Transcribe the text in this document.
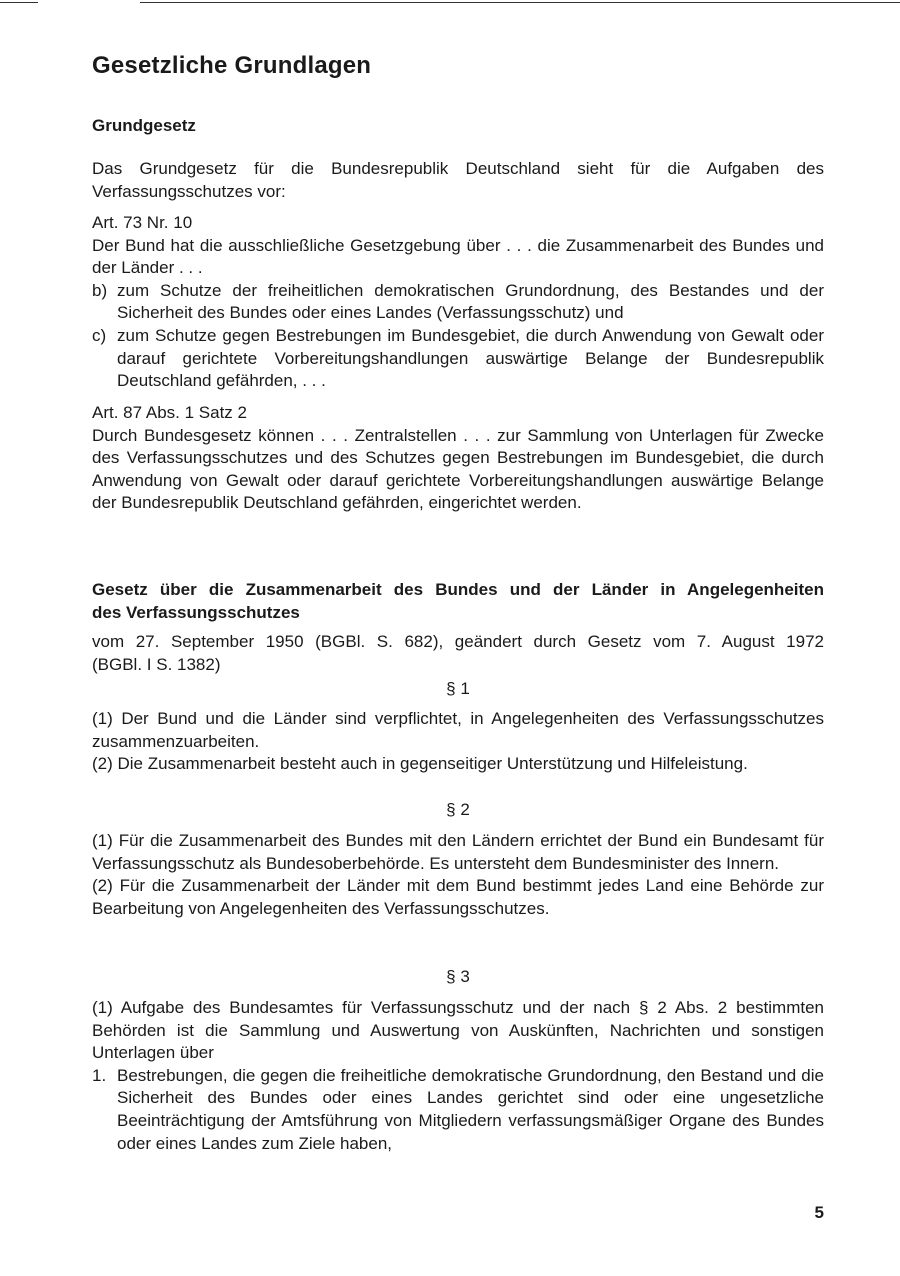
Gesetzliche Grundlagen
Grundgesetz
Das Grundgesetz für die Bundesrepublik Deutschland sieht für die Aufgaben des Verfassungsschutzes vor:
Art. 73 Nr. 10
Der Bund hat die ausschließliche Gesetzgebung über . . . die Zusammenarbeit des Bundes und der Länder . . .
b) zum Schutze der freiheitlichen demokratischen Grundordnung, des Bestandes und der Sicherheit des Bundes oder eines Landes (Verfassungsschutz) und
c) zum Schutze gegen Bestrebungen im Bundesgebiet, die durch Anwendung von Gewalt oder darauf gerichtete Vorbereitungshandlungen auswärtige Belange der Bundesrepublik Deutschland gefährden, . . .
Art. 87 Abs. 1 Satz 2
Durch Bundesgesetz können . . . Zentralstellen . . . zur Sammlung von Unterlagen für Zwecke des Verfassungsschutzes und des Schutzes gegen Bestrebungen im Bundesgebiet, die durch Anwendung von Gewalt oder darauf gerichtete Vorbereitungshandlungen auswärtige Belange der Bundesrepublik Deutschland gefährden, eingerichtet werden.
Gesetz über die Zusammenarbeit des Bundes und der Länder in Angelegenheiten
des Verfassungsschutzes
vom 27. September 1950 (BGBl. S. 682), geändert durch Gesetz vom 7. August 1972
(BGBl. I S. 1382)
§ 1
(1) Der Bund und die Länder sind verpflichtet, in Angelegenheiten des Verfassungsschutzes zusammenzuarbeiten.
(2) Die Zusammenarbeit besteht auch in gegenseitiger Unterstützung und Hilfeleistung.
§ 2
(1) Für die Zusammenarbeit des Bundes mit den Ländern errichtet der Bund ein Bundesamt für Verfassungsschutz als Bundesoberbehörde. Es untersteht dem Bundesminister des Innern.
(2) Für die Zusammenarbeit der Länder mit dem Bund bestimmt jedes Land eine Behörde zur Bearbeitung von Angelegenheiten des Verfassungsschutzes.
§ 3
(1) Aufgabe des Bundesamtes für Verfassungsschutz und der nach § 2 Abs. 2 bestimmten Behörden ist die Sammlung und Auswertung von Auskünften, Nachrichten und sonstigen Unterlagen über
1. Bestrebungen, die gegen die freiheitliche demokratische Grundordnung, den Bestand und die Sicherheit des Bundes oder eines Landes gerichtet sind oder eine ungesetzliche Beeinträchtigung der Amtsführung von Mitgliedern verfassungsmäßiger Organe des Bundes oder eines Landes zum Ziele haben,
5
